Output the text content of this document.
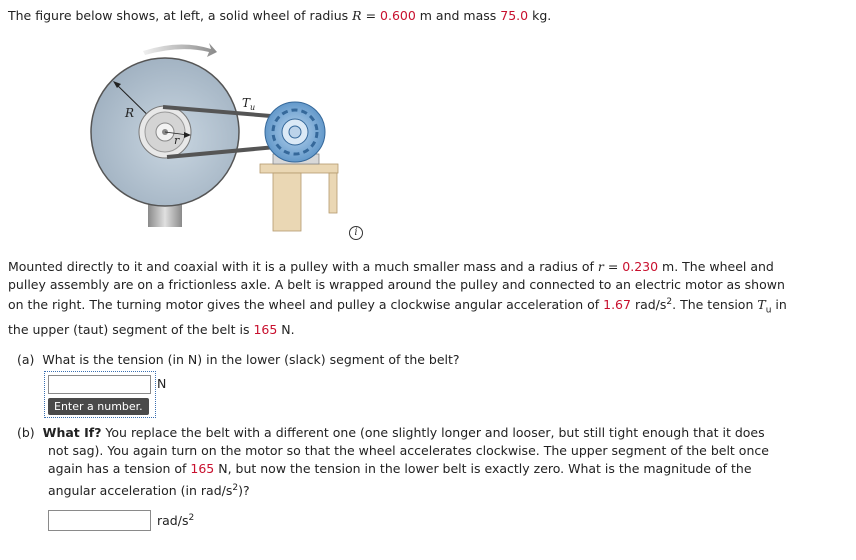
The figure below shows, at left, a solid wheel of radius R = 0.600 m and mass 75.0 kg.
R
r
$T_u$
i
Mounted directly to it and coaxial with it is a pulley with a much smaller mass and a radius of r = 0.230 m. The wheel and
pulley assembly are on a frictionless axle. A belt is wrapped around the pulley and connected to an electric motor as shown
on the right. The turning motor gives the wheel and pulley a clockwise angular acceleration of 1.67 rad/$s^2$. The tension $T_u$ in
the upper (taut) segment of the belt is 165 N.
(a) What is the tension (in N) in the lower (slack) segment of the belt?
N
Enter a number.
(b) What If? You replace the belt with a different one (one slightly longer and looser, but still tight enough that it does
not sag). You again turn on the motor so that the wheel accelerates clockwise. The upper segment of the belt once
again has a tension of 165 N, but now the tension in the lower belt is exactly zero. What is the magnitude of the
angular acceleration (in rad/$s^2$)?
rad/$s^2$
